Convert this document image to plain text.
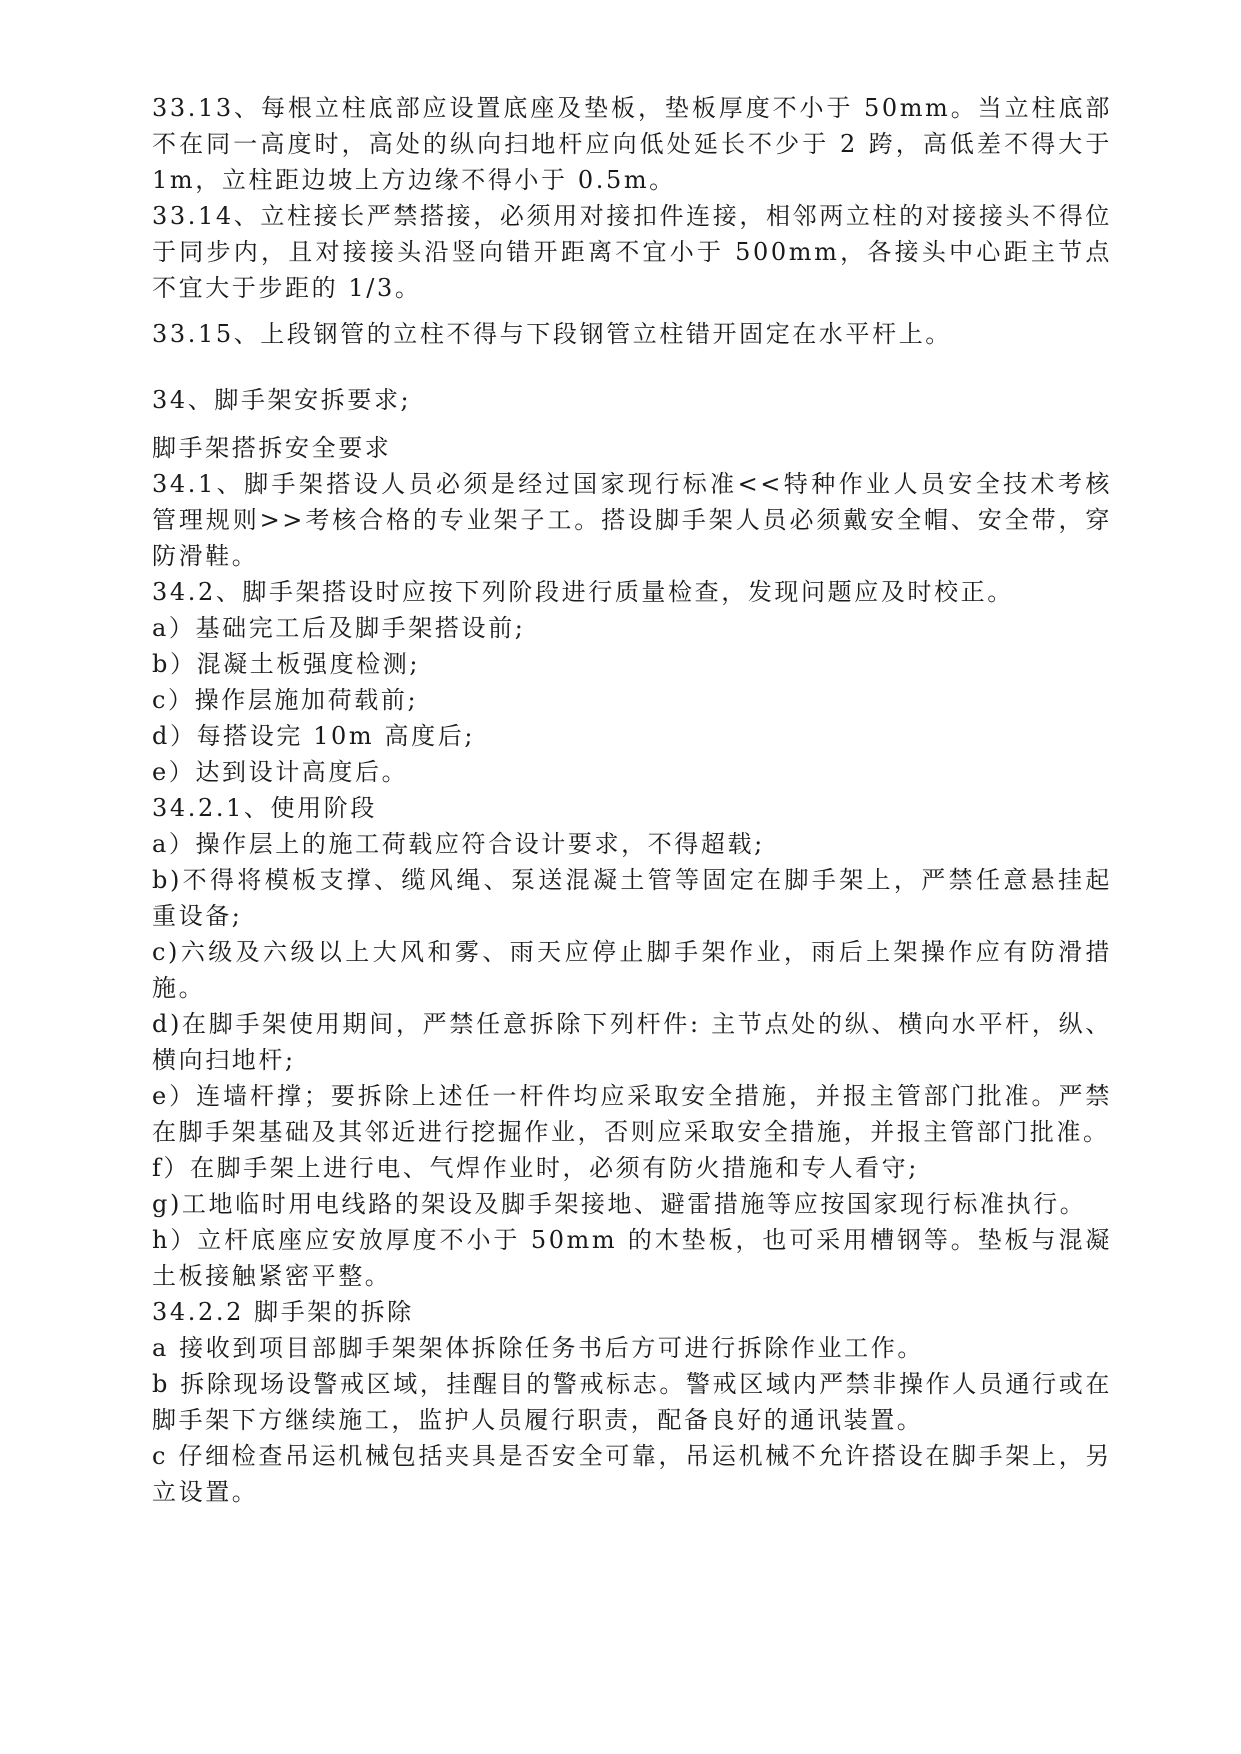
33.13、每根立柱底部应设置底座及垫板，垫板厚度不小于 50mm。当立柱底部不在同一高度时，高处的纵向扫地杆应向低处延长不少于 2 跨，高低差不得大于 1m，立柱距边坡上方边缘不得小于 0.5m。

33.14、立柱接长严禁搭接，必须用对接扣件连接，相邻两立柱的对接接头不得位于同步内，且对接接头沿竖向错开距离不宜小于 500mm，各接头中心距主节点不宜大于步距的 1/3。

33.15、上段钢管的立柱不得与下段钢管立柱错开固定在水平杆上。

34、脚手架安拆要求;

脚手架搭拆安全要求

34.1、脚手架搭设人员必须是经过国家现行标准<<特种作业人员安全技术考核管理规则>>考核合格的专业架子工。搭设脚手架人员必须戴安全帽、安全带，穿防滑鞋。

34.2、脚手架搭设时应按下列阶段进行质量检查，发现问题应及时校正。

a）基础完工后及脚手架搭设前;

b）混凝土板强度检测;

c）操作层施加荷载前;

d）每搭设完 10m 高度后;

e）达到设计高度后。

34.2.1、使用阶段

a）操作层上的施工荷载应符合设计要求，不得超载;

b)不得将模板支撑、缆风绳、泵送混凝土管等固定在脚手架上，严禁任意悬挂起重设备;

c)六级及六级以上大风和雾、雨天应停止脚手架作业，雨后上架操作应有防滑措施。

d)在脚手架使用期间，严禁任意拆除下列杆件: 主节点处的纵、横向水平杆，纵、横向扫地杆;

e）连墙杆撑；要拆除上述任一杆件均应采取安全措施，并报主管部门批准。严禁在脚手架基础及其邻近进行挖掘作业，否则应采取安全措施，并报主管部门批准。

f）在脚手架上进行电、气焊作业时，必须有防火措施和专人看守;

g)工地临时用电线路的架设及脚手架接地、避雷措施等应按国家现行标准执行。

h）立杆底座应安放厚度不小于 50mm 的木垫板，也可采用槽钢等。垫板与混凝土板接触紧密平整。

34.2.2 脚手架的拆除

a 接收到项目部脚手架架体拆除任务书后方可进行拆除作业工作。

b 拆除现场设警戒区域，挂醒目的警戒标志。警戒区域内严禁非操作人员通行或在脚手架下方继续施工，监护人员履行职责，配备良好的通讯装置。

c 仔细检查吊运机械包括夹具是否安全可靠，吊运机械不允许搭设在脚手架上，另立设置。
